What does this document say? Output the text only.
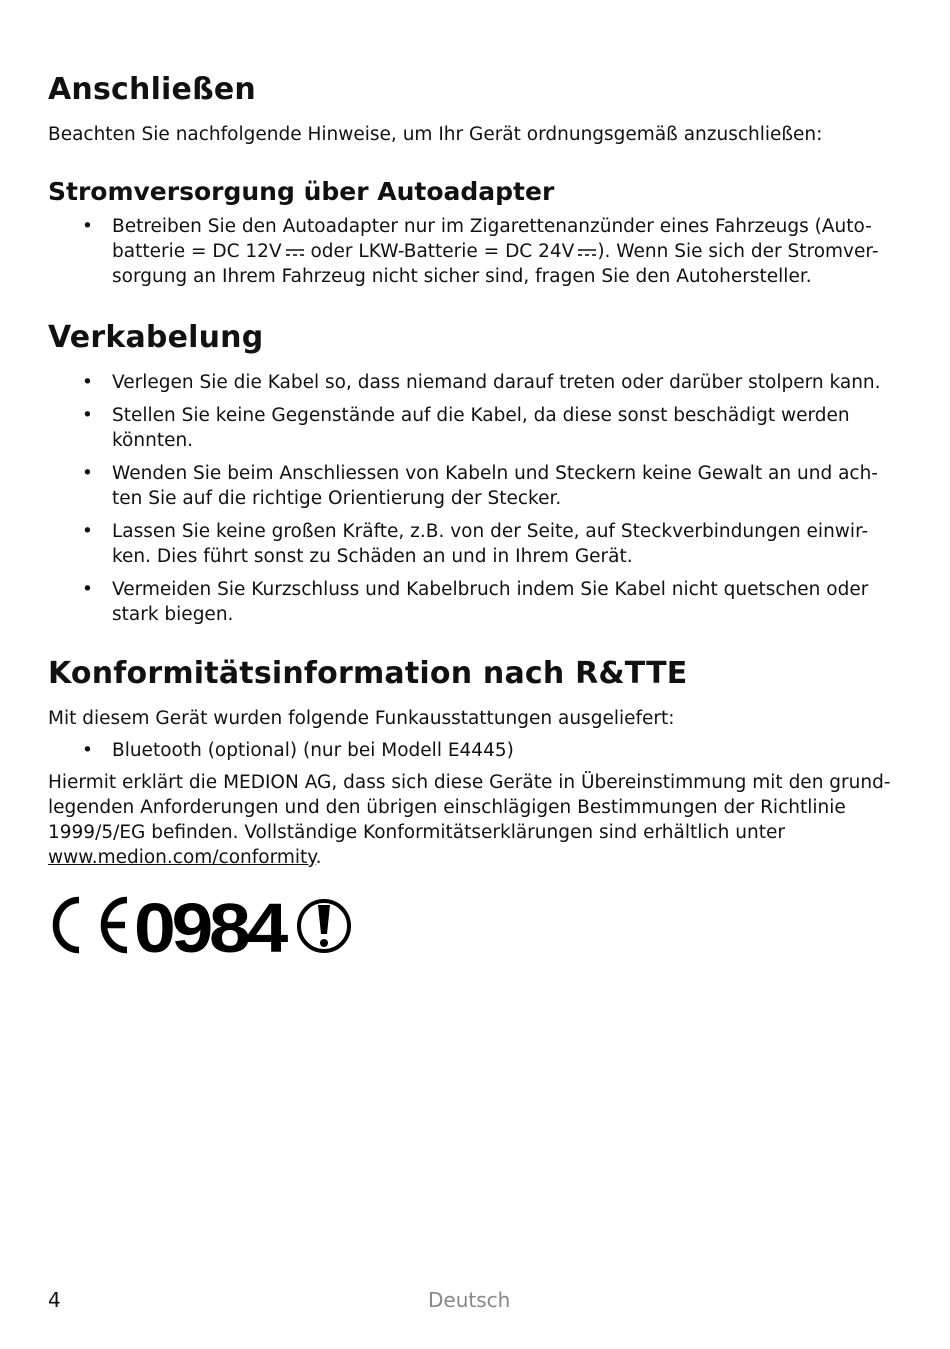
Anschließen

Beachten Sie nachfolgende Hinweise, um Ihr Gerät ordnungsgemäß anzuschließen:

Stromversorgung über Autoadapter
• Betreiben Sie den Autoadapter nur im Zigarettenanzünder eines Fahrzeugs (Auto-batterie = DC 12V oder LKW-Batterie = DC 24V ). Wenn Sie sich der Stromver-sorgung an Ihrem Fahrzeug nicht sicher sind, fragen Sie den Autohersteller.
Verkabelung
• Verlegen Sie die Kabel so, dass niemand darauf treten oder darüber stolpern kann.
• Stellen Sie keine Gegenstände auf die Kabel, da diese sonst beschädigt werden könnten.
• Wenden Sie beim Anschliessen von Kabeln und Steckern keine Gewalt an und ach-ten Sie auf die richtige Orientierung der Stecker.
• Lassen Sie keine großen Kräfte, z.B. von der Seite, auf Steckverbindungen einwir-ken. Dies führt sonst zu Schäden an und in Ihrem Gerät.
• Vermeiden Sie Kurzschluss und Kabelbruch indem Sie Kabel nicht quetschen oder stark biegen.
Konformitätsinformation nach R&TTE

Mit diesem Gerät wurden folgende Funkausstattungen ausgeliefert:

• Bluetooth (optional) (nur bei Modell E4445)

Hiermit erklärt die MEDION AG, dass sich diese Geräte in Übereinstimmung mit den grund-legenden Anforderungen und den übrigen einschlägigen Bestimmungen der Richtlinie 1999/5/EG befinden. Vollständige Konformitätserklärungen sind erhältlich unter
www.medion.com/conformity.

0984
4	Deutsch
